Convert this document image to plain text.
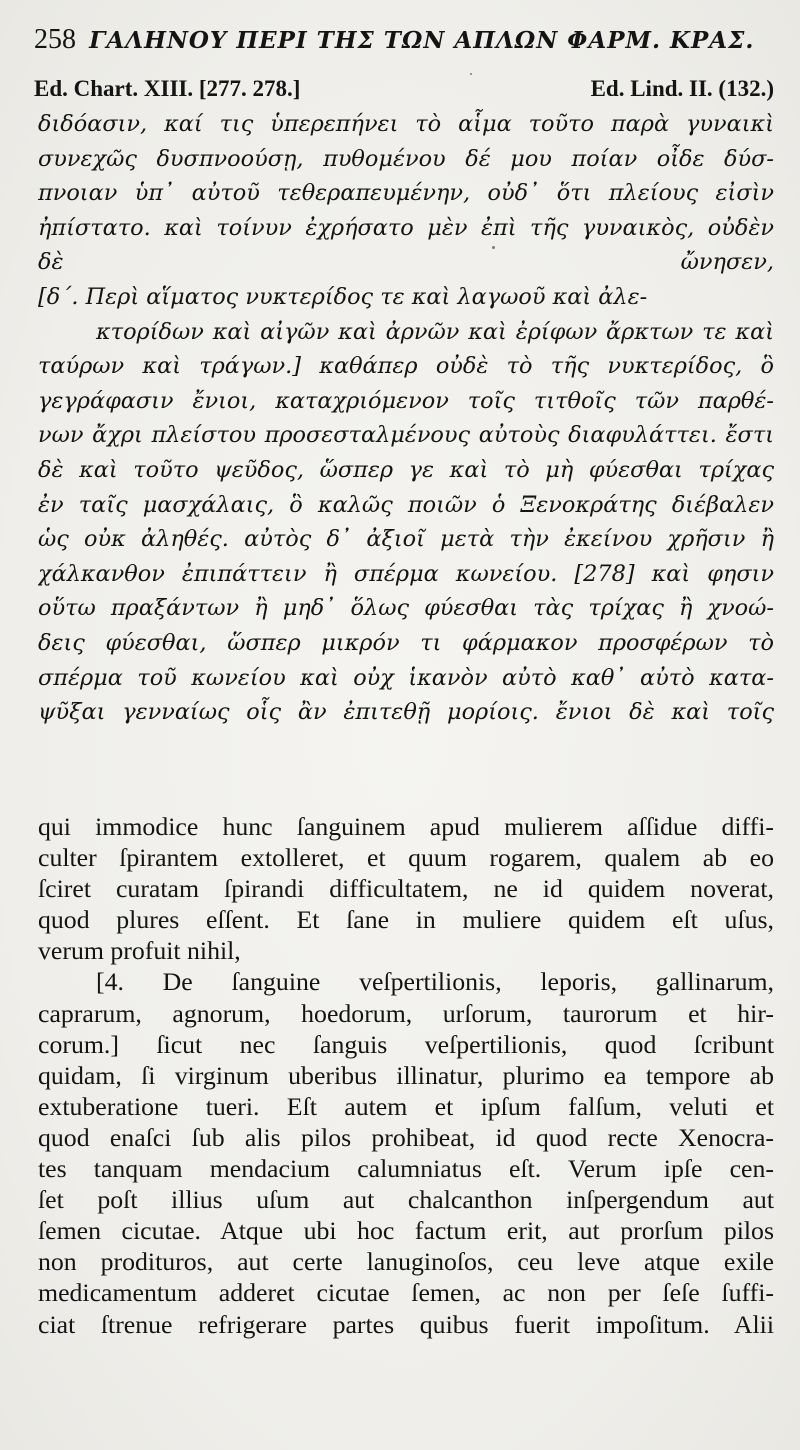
258 ΓΑΛΗΝΟΥ ΠΕΡΙ ΤΗΣ ΤΩΝ ΑΠΛΩΝ ΦΑΡΜ. ΚΡΑΣ.
Ed. Chart. XIII. [277. 278.]	Ed. Lind. II. (132.)
διδόασιν, καί τις ὑπερεπήνει τὸ αἷμα τοῦτο παρὰ γυναικὶ
συνεχῶς δυσπνοούσῃ, πυθομένου δέ μου ποίαν οἶδε δύσ-
πνοιαν ὑπ᾽ αὐτοῦ τεθεραπευμένην, οὐδ᾽ ὅτι πλείους εἰσὶν
ἠπίστατο. καὶ τοίνυν ἐχρήσατο μὲν ἐπὶ τῆς γυναικὸς, οὐδὲν
δὲ ὤνησεν,
[δ΄. Περὶ αἵματος νυκτερίδος τε καὶ λαγωοῦ καὶ ἀλε-
κτορίδων καὶ αἰγῶν καὶ ἀρνῶν καὶ ἐρίφων ἄρκτων τε καὶ
ταύρων καὶ τράγων.] καθάπερ οὐδὲ τὸ τῆς νυκτερίδος, ὃ
γεγράφασιν ἔνιοι, καταχριόμενον τοῖς τιτθοῖς τῶν παρθέ-
νων ἄχρι πλείστου προσεσταλμένους αὐτοὺς διαφυλάττει. ἔστι
δὲ καὶ τοῦτο ψεῦδος, ὥσπερ γε καὶ τὸ μὴ φύεσθαι τρίχας
ἐν ταῖς μασχάλαις, ὃ καλῶς ποιῶν ὁ Ξενοκράτης διέβαλεν
ὡς οὐκ ἀληθές. αὐτὸς δ᾽ ἀξιοῖ μετὰ τὴν ἐκείνου χρῆσιν ἢ
χάλκανθον ἐπιπάττειν ἢ σπέρμα κωνείου. [278] καὶ φησιν
οὕτω πραξάντων ἢ μηδ᾽ ὅλως φύεσθαι τὰς τρίχας ἢ χνοώ-
δεις φύεσθαι, ὥσπερ μικρόν τι φάρμακον προσφέρων τὸ
σπέρμα τοῦ κωνείου καὶ οὐχ ἱκανὸν αὐτὸ καθ᾽ αὐτὸ κατα-
ψῦξαι γενναίως οἷς ἂν ἐπιτεθῇ μορίοις. ἔνιοι δὲ καὶ τοῖς
qui immodice hunc ſanguinem apud mulierem aſſidue diffi-
culter ſpirantem extolleret, et quum rogarem, qualem ab eo
ſciret curatam ſpirandi difficultatem, ne id quidem noverat,
quod plures eſſent. Et ſane in muliere quidem eſt uſus,
verum profuit nihil,
[4. De ſanguine veſpertilionis, leporis, gallinarum,
caprarum, agnorum, hoedorum, urſorum, taurorum et hir-
corum.] ſicut nec ſanguis veſpertilionis, quod ſcribunt
quidam, ſi virginum uberibus illinatur, plurimo ea tempore ab
extuberatione tueri. Eſt autem et ipſum falſum, veluti et
quod enaſci ſub alis pilos prohibeat, id quod recte Xenocra-
tes tanquam mendacium calumniatus eſt. Verum ipſe cen-
ſet poſt illius uſum aut chalcanthon inſpergendum aut
ſemen cicutae. Atque ubi hoc factum erit, aut prorſum pilos
non prodituros, aut certe lanuginoſos, ceu leve atque exile
medicamentum adderet cicutae ſemen, ac non per ſeſe ſuffi-
ciat ſtrenue refrigerare partes quibus fuerit impoſitum. Alii
